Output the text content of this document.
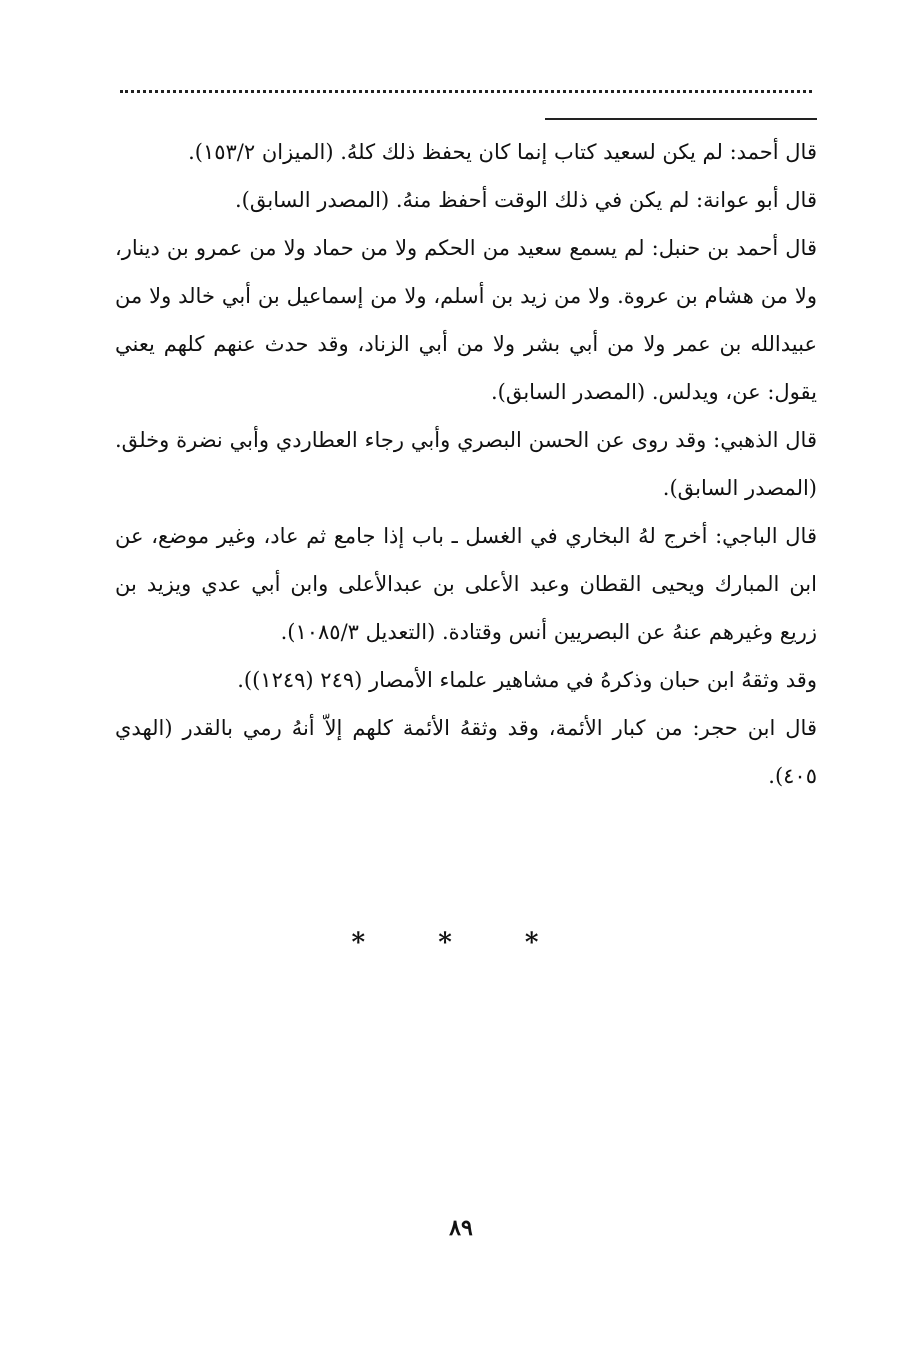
قال أحمد: لم يكن لسعيد كتاب إنما كان يحفظ ذلك كلهُ. (الميزان ١٥٣/٢).

قال أبو عوانة: لم يكن في ذلك الوقت أحفظ منهُ. (المصدر السابق).

قال أحمد بن حنبل: لم يسمع سعيد من الحكم ولا من حماد ولا من عمرو بن دينار، ولا من هشام بن عروة. ولا من زيد بن أسلم، ولا من إسماعيل بن أبي خالد ولا من عبيدالله بن عمر ولا من أبي بشر ولا من أبي الزناد، وقد حدث عنهم كلهم يعني يقول: عن، ويدلس. (المصدر السابق).

قال الذهبي: وقد روى عن الحسن البصري وأبي رجاء العطاردي وأبي نضرة وخلق. (المصدر السابق).

قال الباجي: أخرج لهُ البخاري في الغسل ـ باب إذا جامع ثم عاد، وغير موضع، عن ابن المبارك ويحيى القطان وعبد الأعلى بن عبدالأعلى وابن أبي عدي ويزيد بن زريع وغيرهم عنهُ عن البصريين أنس وقتادة. (التعديل ١٠٨٥/٣).

وقد وثقهُ ابن حبان وذكرهُ في مشاهير علماء الأمصار (٢٤٩ (١٢٤٩)).

قال ابن حجر: من كبار الأئمة، وقد وثقهُ الأئمة كلهم إلاّ أنهُ رمي بالقدر (الهدي ٤٠٥).

* * *
٨٩
